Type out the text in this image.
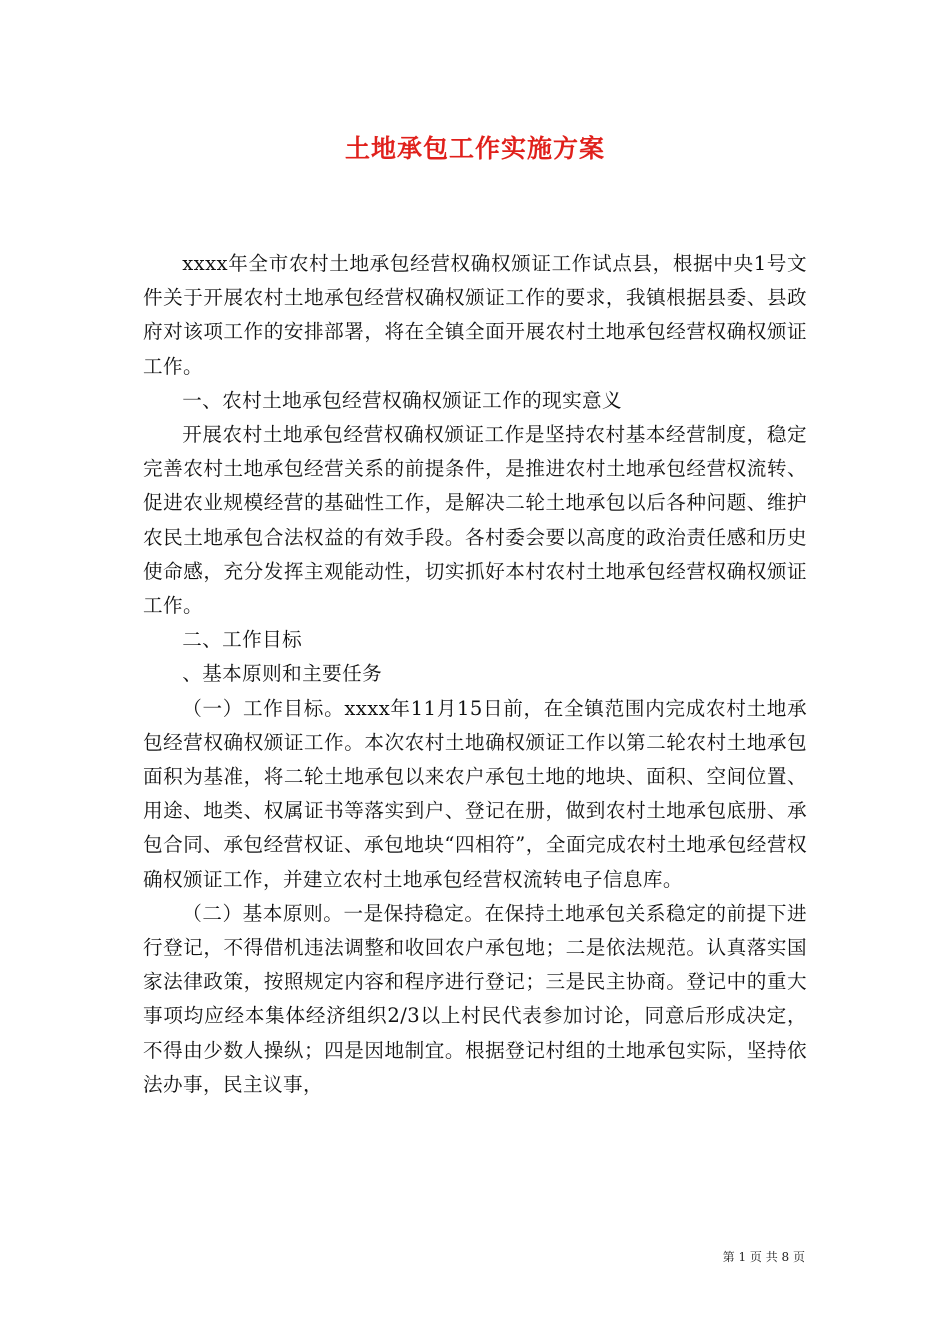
土地承包工作实施方案

xxxx年全市农村土地承包经营权确权颁证工作试点县，根据中央1号文件关于开展农村土地承包经营权确权颁证工作的要求，我镇根据县委、县政府对该项工作的安排部署，将在全镇全面开展农村土地承包经营权确权颁证工作。

一、农村土地承包经营权确权颁证工作的现实意义

开展农村土地承包经营权确权颁证工作是坚持农村基本经营制度，稳定完善农村土地承包经营关系的前提条件，是推进农村土地承包经营权流转、促进农业规模经营的基础性工作，是解决二轮土地承包以后各种问题、维护农民土地承包合法权益的有效手段。各村委会要以高度的政治责任感和历史使命感，充分发挥主观能动性，切实抓好本村农村土地承包经营权确权颁证工作。

二、工作目标

、基本原则和主要任务

（一）工作目标。xxxx年11月15日前，在全镇范围内完成农村土地承包经营权确权颁证工作。本次农村土地确权颁证工作以第二轮农村土地承包面积为基准，将二轮土地承包以来农户承包土地的地块、面积、空间位置、用途、地类、权属证书等落实到户、登记在册，做到农村土地承包底册、承包合同、承包经营权证、承包地块“四相符”，全面完成农村土地承包经营权确权颁证工作，并建立农村土地承包经营权流转电子信息库。

（二）基本原则。一是保持稳定。在保持土地承包关系稳定的前提下进行登记，不得借机违法调整和收回农户承包地；二是依法规范。认真落实国家法律政策，按照规定内容和程序进行登记；三是民主协商。登记中的重大事项均应经本集体经济组织2/3以上村民代表参加讨论，同意后形成决定，不得由少数人操纵；四是因地制宜。根据登记村组的土地承包实际，坚持依法办事，民主议事，

第 1 页 共 8 页
